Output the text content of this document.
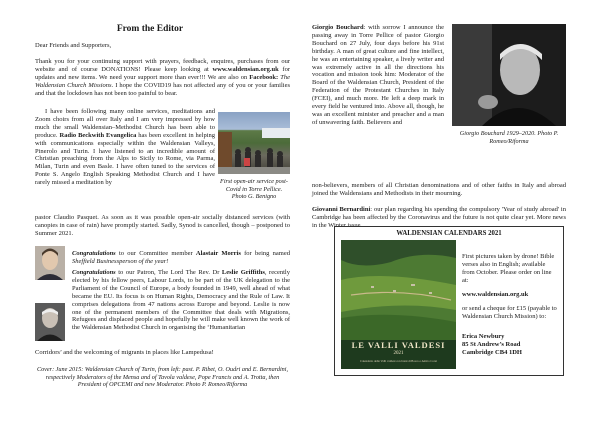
From the Editor
Dear Friends and Supporters,
Thank you for your continuing support with prayers, feedback, enquires, purchases from our website and of course DONATIONS! Please keep looking at www.waldensian.org.uk for updates and new items. We need your support more than ever!!! We are also on Facebook: The Waldensian Church Missions. I hope the COVID19 has not affected any of you or your families and that the lockdown has not been too painful to bear.
I have been following many online services, meditations and Zoom choirs from all over Italy and I am very impressed by how much the small Waldensian–Methodist Church has been able to produce. Radio Beckwith Evangelica has been excellent in helping with communications especially within the Waldensian Valleys, Pinerolo and Turin. I have listened to an incredible amount of Christian preaching from the Alps to Sicily to Rome, via Parma, Milan, Turin and even Basle. I have often tuned to the services of Ponte S. Angelo English Speaking Methodist Church and I have rarely missed a meditation by
pastor Claudio Pasquet. As soon as it was possible open-air socially distanced services (with canopies in case of rain) have promptly started. Sadly, Synod is cancelled, though – postponed to Summer 2021.
First open-air service post-Covid in Torre Pellice. Photo G. Benigno
Congratulations to our Committee member Alastair Morris for being named Sheffield Businessperson of the year!
Congratulations to our Patron, The Lord The Rev. Dr Leslie Griffiths, recently elected by his fellow peers, Labour Lords, to be part of the UK delegation to the Parliament of the Council of Europe, a body founded in 1949, well ahead of what became the EU. Its focus is on Human Rights, Democracy and the Rule of Law. It comprises delegations from 47 nations across Europe and beyond. Leslie is now one of the permanent members of the Committee that deals with Migrations, Refugees and displaced people and hopefully he will make well known the work of the Waldensian Methodist Church in organising the ‘Humanitarian
Corridors’ and the welcoming of migrants in places like Lampedusa!
Cover: June 2015: Waldensian Church of Turin, from left: past. P. Ribet, O. Oudri and E. Bernardini, respectively Moderators of the Mensa and of Tavola valdese, Pope Francis and A. Trotta, then President of OPCEMI and new Moderator. Photo P. Romeo/Riforma
Giorgio Bouchard: with sorrow I announce the passing away in Torre Pellice of pastor Giorgio Bouchard on 27 July, four days before his 91st birthday. A man of great culture and fine intellect, he was an entertaining speaker, a lively writer and was extremely active in all the directions his vocation and mission took him: Moderator of the Board of the Waldensian Church, President of the Federation of the Protestant Churches in Italy (FCEI), and much more. He left a deep mark in every field he ventured into. Above all, though, he was an excellent minister and preacher and a man of unwavering faith. Believers and
non-believers, members of all Christian denominations and of other faiths in Italy and abroad joined the Waldensians and Methodists in their mourning.
Giorgio Bouchard 1929–2020. Photo P. Romeo/Riforma
Giovanni Bernardini: our plan regarding his spending the compulsory 'Year of study abroad' in Cambridge has been affected by the Coronavirus and the future is not quite clear yet. More news in the Winter issue.
WALDENSIAN CALENDARS 2021
LE VALLI VALDESI
2021
Calendario delle Valli valdesi con brani di Bosco e Amico Corsi
First pictures taken by drone! Bible verses also in English; available from October. Please order on line at:
www.waldensian.org.uk
or send a cheque for £15 (payable to Waldensian Church Mission) to:
Erica Newbury
85 St Andrew’s Road
Cambridge CB4 1DH
